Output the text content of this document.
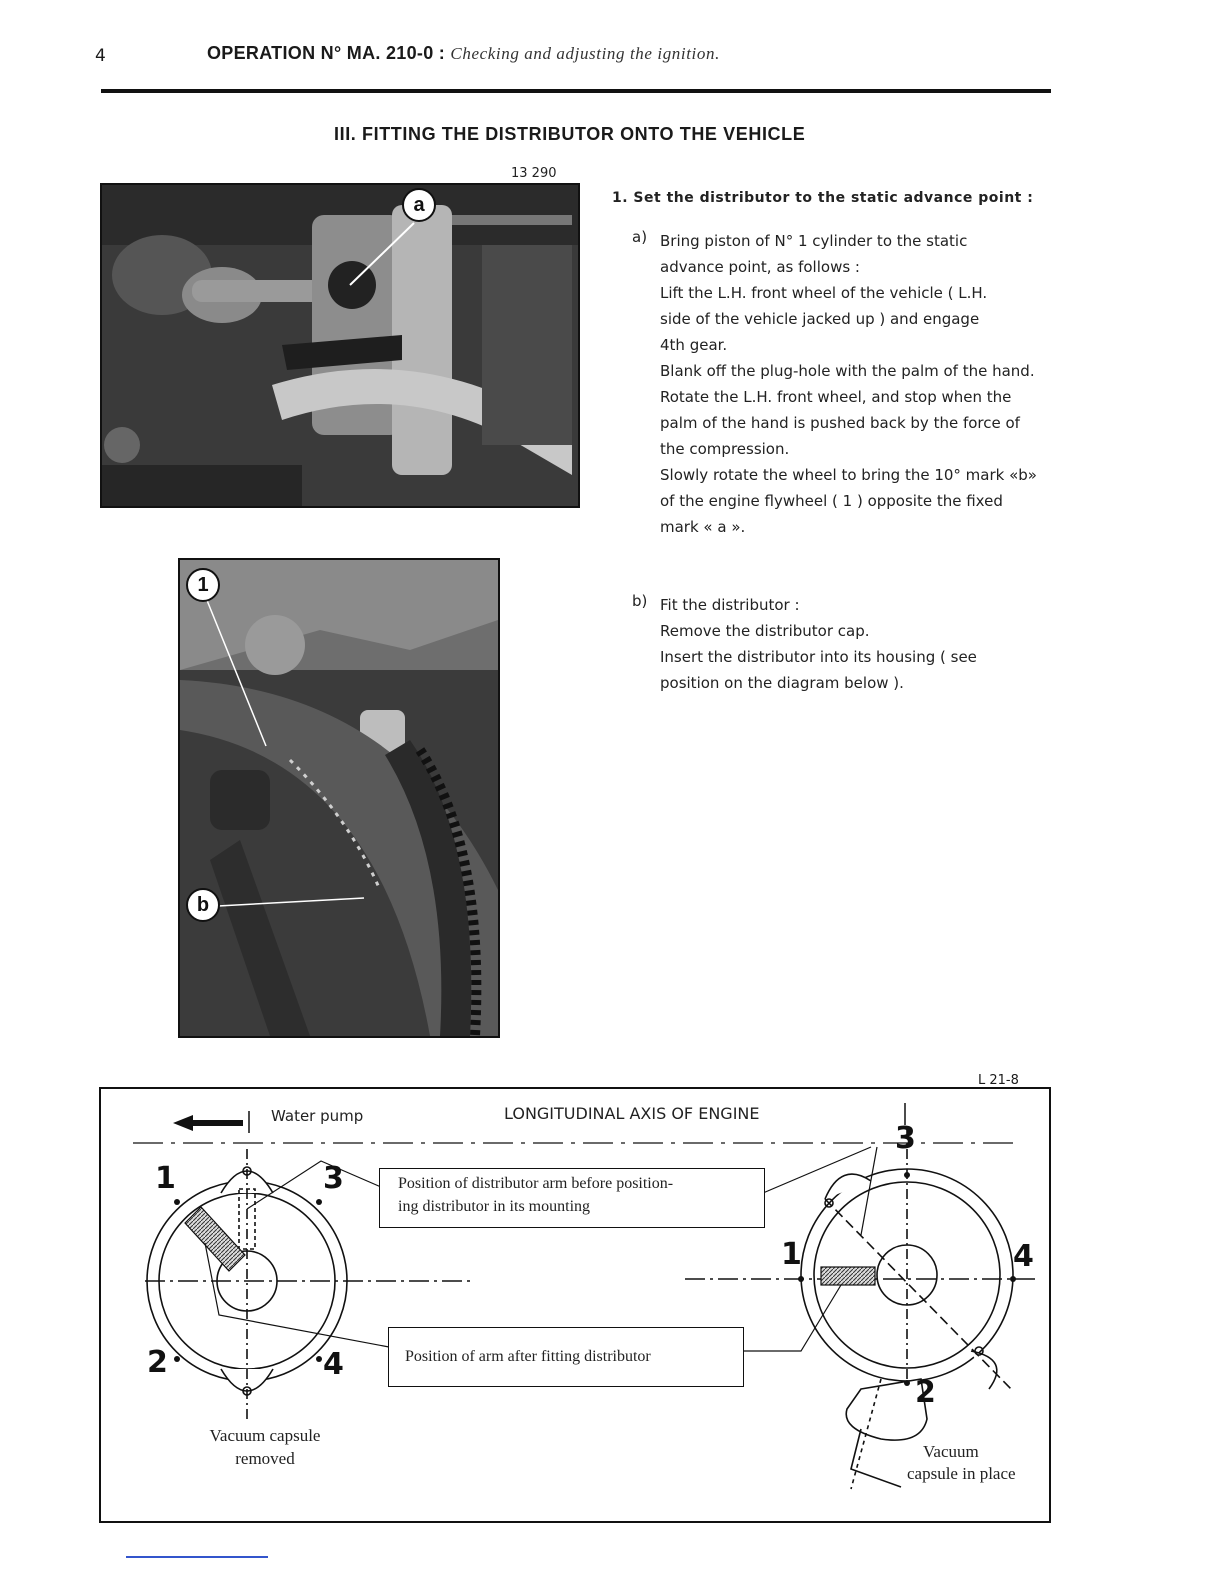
4	OPERATION N° MA. 210-0 : Checking and adjusting the ignition.
III. FITTING THE DISTRIBUTOR ONTO THE VEHICLE
13 290
a
1
b
1. Set the distributor to the static advance point :
a) Bring piston of N° 1 cylinder to the static
advance point, as follows :
Lift the L.H. front wheel of the vehicle ( L.H.
side of the vehicle jacked up ) and engage
4th gear.
Blank off the plug-hole with the palm of the hand.
Rotate the L.H. front wheel, and stop when the
palm of the hand is pushed back by the force of
the compression.
Slowly rotate the wheel to bring the 10° mark «b»
of the engine flywheel ( 1 ) opposite the fixed
mark « a ».
b) Fit the distributor :
Remove the distributor cap.
Insert the distributor into its housing ( see
position on the diagram below ).
L 21-8
Water pump	LONGITUDINAL AXIS OF ENGINE
Position of distributor arm before position-
ing distributor in its mounting
Position of arm after fitting distributor
1
2
3
4
1
2
3
4
Vacuum capsule
removed	Vacuum
capsule in place
